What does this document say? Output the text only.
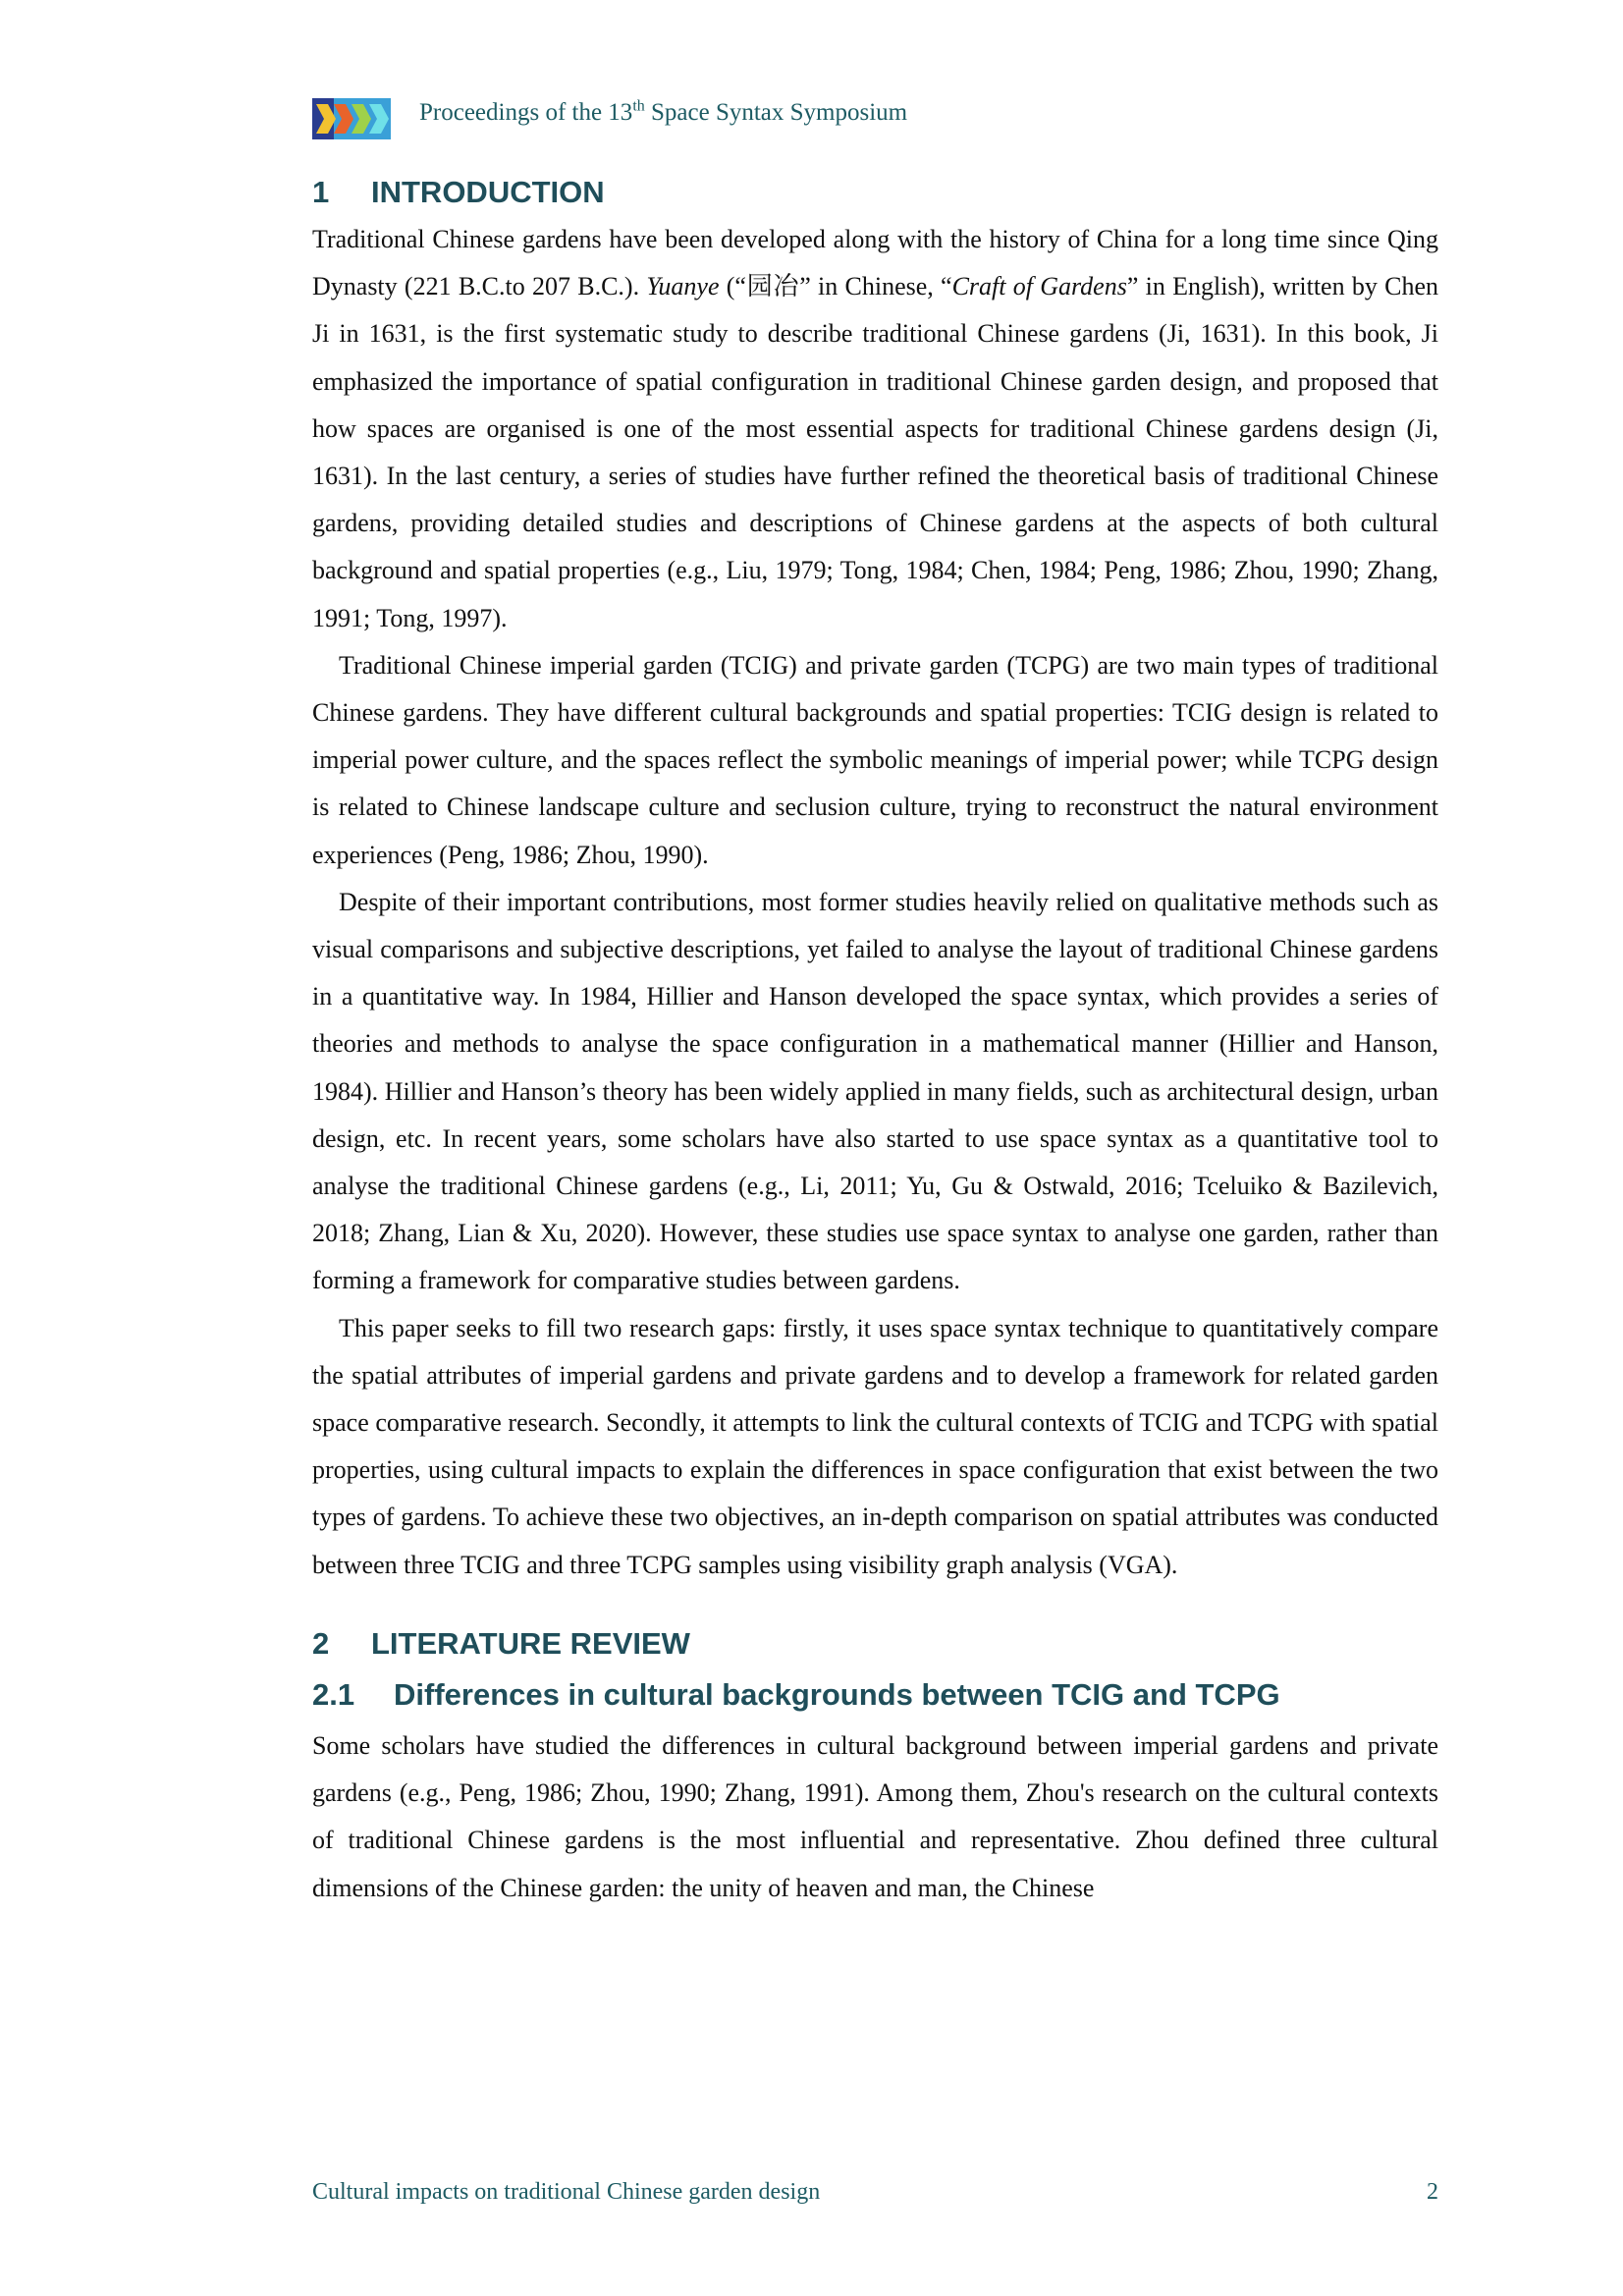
Proceedings of the 13th Space Syntax Symposium
1	INTRODUCTION

Traditional Chinese gardens have been developed along with the history of China for a long time since Qing Dynasty (221 B.C.to 207 B.C.). Yuanye (“园冶” in Chinese, “Craft of Gardens” in English), written by Chen Ji in 1631, is the first systematic study to describe traditional Chinese gardens (Ji, 1631). In this book, Ji emphasized the importance of spatial configuration in traditional Chinese garden design, and proposed that how spaces are organised is one of the most essential aspects for traditional Chinese gardens design (Ji, 1631). In the last century, a series of studies have further refined the theoretical basis of traditional Chinese gardens, providing detailed studies and descriptions of Chinese gardens at the aspects of both cultural background and spatial properties (e.g., Liu, 1979; Tong, 1984; Chen, 1984; Peng, 1986; Zhou, 1990; Zhang, 1991; Tong, 1997).

Traditional Chinese imperial garden (TCIG) and private garden (TCPG) are two main types of traditional Chinese gardens. They have different cultural backgrounds and spatial properties: TCIG design is related to imperial power culture, and the spaces reflect the symbolic meanings of imperial power; while TCPG design is related to Chinese landscape culture and seclusion culture, trying to reconstruct the natural environment experiences (Peng, 1986; Zhou, 1990).

Despite of their important contributions, most former studies heavily relied on qualitative methods such as visual comparisons and subjective descriptions, yet failed to analyse the layout of traditional Chinese gardens in a quantitative way. In 1984, Hillier and Hanson developed the space syntax, which provides a series of theories and methods to analyse the space configuration in a mathematical manner (Hillier and Hanson, 1984). Hillier and Hanson’s theory has been widely applied in many fields, such as architectural design, urban design, etc. In recent years, some scholars have also started to use space syntax as a quantitative tool to analyse the traditional Chinese gardens (e.g., Li, 2011; Yu, Gu & Ostwald, 2016; Tceluiko & Bazilevich, 2018; Zhang, Lian & Xu, 2020). However, these studies use space syntax to analyse one garden, rather than forming a framework for comparative studies between gardens.

This paper seeks to fill two research gaps: firstly, it uses space syntax technique to quantitatively compare the spatial attributes of imperial gardens and private gardens and to develop a framework for related garden space comparative research. Secondly, it attempts to link the cultural contexts of TCIG and TCPG with spatial properties, using cultural impacts to explain the differences in space configuration that exist between the two types of gardens. To achieve these two objectives, an in-depth comparison on spatial attributes was conducted between three TCIG and three TCPG samples using visibility graph analysis (VGA).

2	LITERATURE REVIEW
2.1	Differences in cultural backgrounds between TCIG and TCPG

Some scholars have studied the differences in cultural background between imperial gardens and private gardens (e.g., Peng, 1986; Zhou, 1990; Zhang, 1991). Among them, Zhou's research on the cultural contexts of traditional Chinese gardens is the most influential and representative. Zhou defined three cultural dimensions of the Chinese garden: the unity of heaven and man, the Chinese

Cultural impacts on traditional Chinese garden design	2
